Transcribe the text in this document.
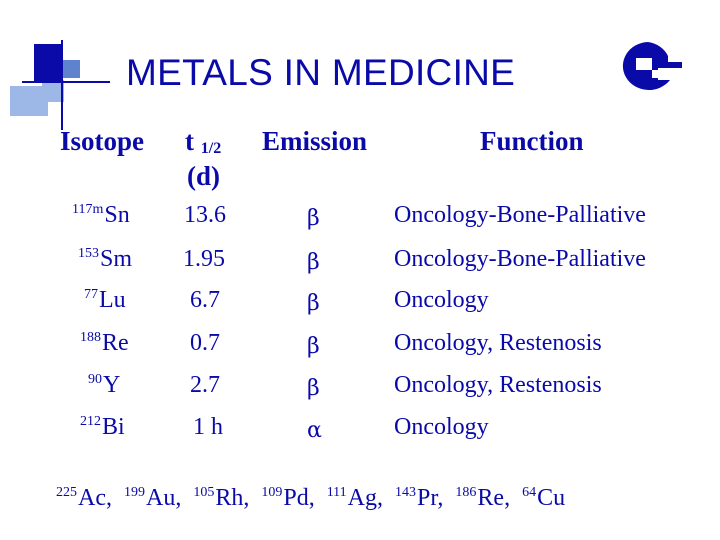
METALS IN MEDICINE
Isotope t 1/2
(d)
Emission	Function
$^{117m}$Sn 13.6	β	Oncology-Bone-Palliative
$^{153}$Sm 1.95	β	Oncology-Bone-Palliative
$^{77}$Lu	6.7	β	Oncology
$^{188}$Re	0.7	β	Oncology, Restenosis
$^{90}$Y	2.7	β	Oncology, Restenosis
$^{212}$Bi	1 h	α	Oncology
$^{225}$Ac, $^{199}$Au, $^{105}$Rh, $^{109}$Pd, $^{111}$Ag, $^{143}$Pr, $^{186}$Re, $^{64}$Cu
